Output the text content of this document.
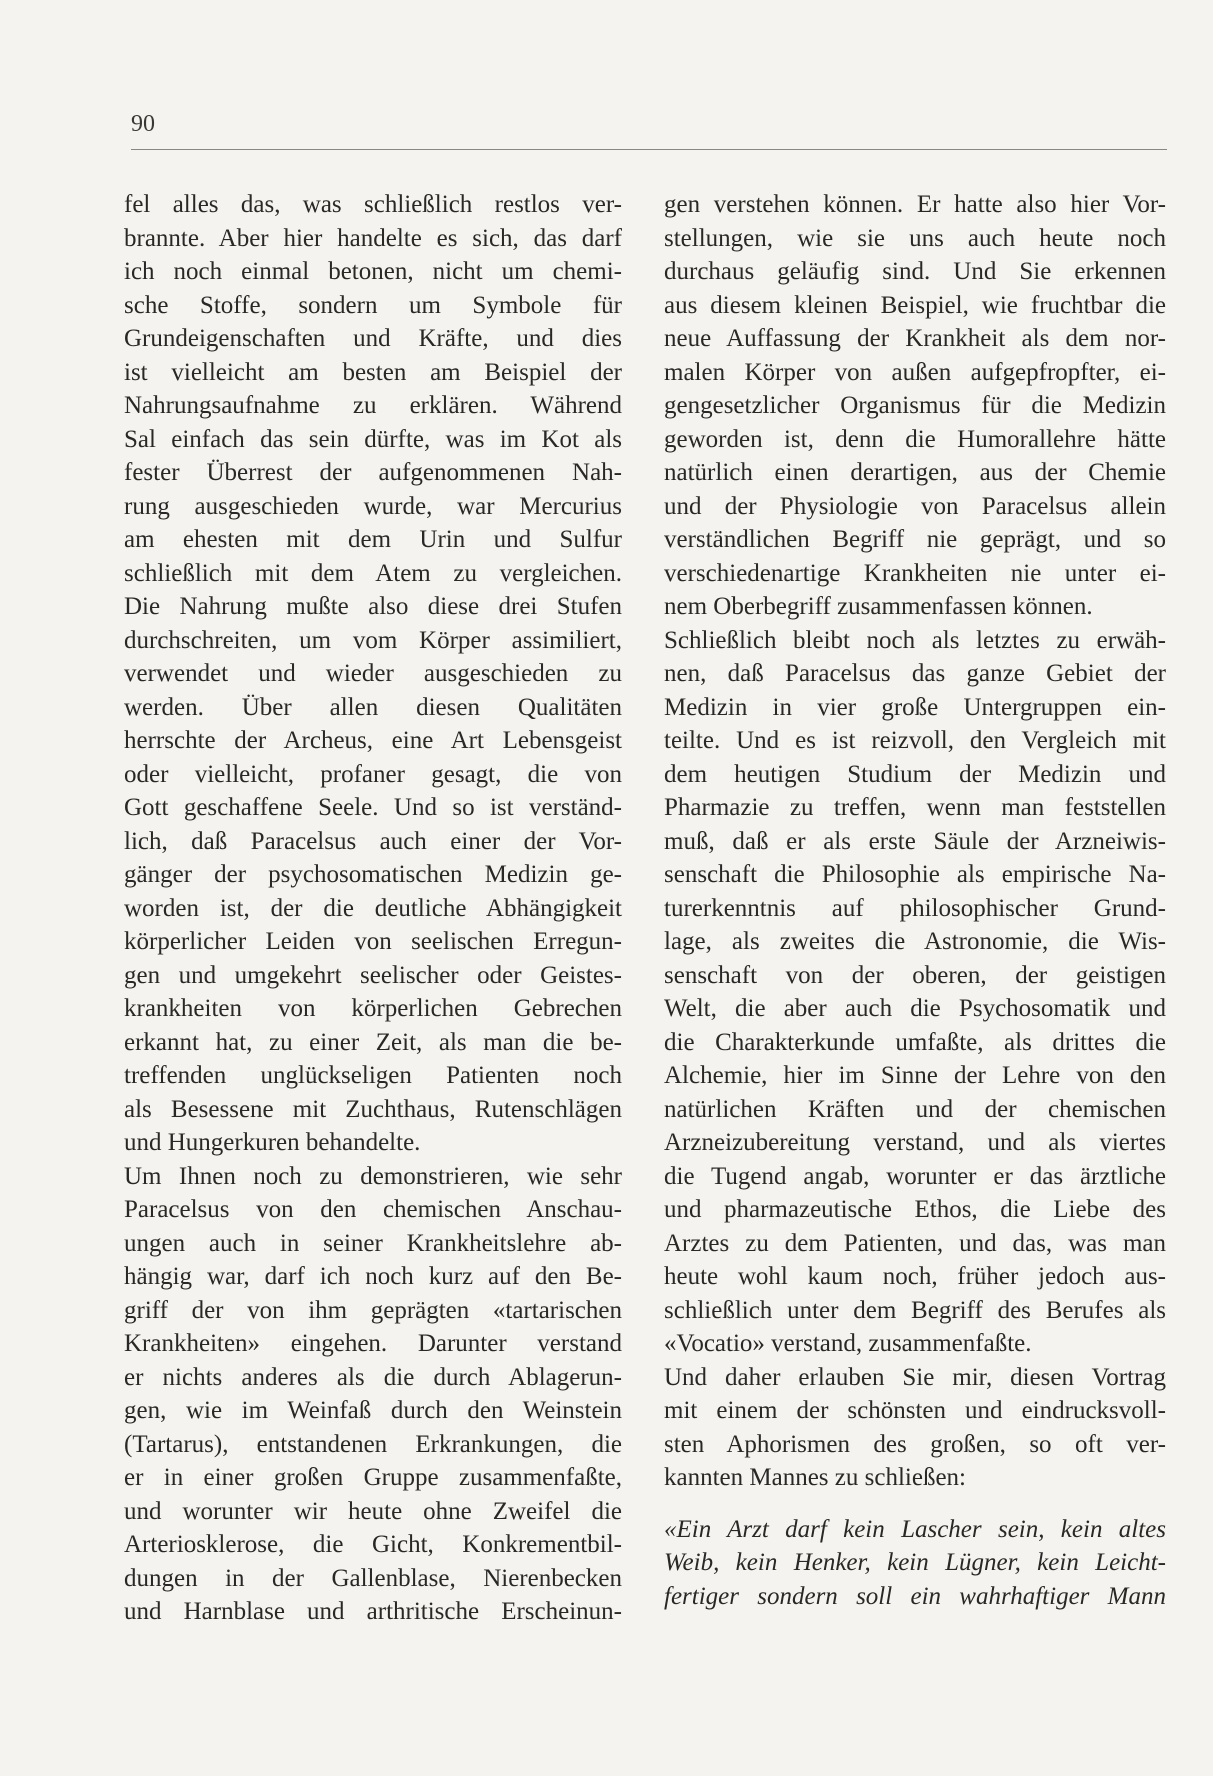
90
fel alles das, was schließlich restlos ver-
brannte. Aber hier handelte es sich, das darf
ich noch einmal betonen, nicht um chemi-
sche Stoffe, sondern um Symbole für
Grundeigenschaften und Kräfte, und dies
ist vielleicht am besten am Beispiel der
Nahrungsaufnahme zu erklären. Während
Sal einfach das sein dürfte, was im Kot als
fester Überrest der aufgenommenen Nah-
rung ausgeschieden wurde, war Mercurius
am ehesten mit dem Urin und Sulfur
schließlich mit dem Atem zu vergleichen.
Die Nahrung mußte also diese drei Stufen
durchschreiten, um vom Körper assimiliert,
verwendet und wieder ausgeschieden zu
werden. Über allen diesen Qualitäten
herrschte der Archeus, eine Art Lebensgeist
oder vielleicht, profaner gesagt, die von
Gott geschaffene Seele. Und so ist verständ-
lich, daß Paracelsus auch einer der Vor-
gänger der psychosomatischen Medizin ge-
worden ist, der die deutliche Abhängigkeit
körperlicher Leiden von seelischen Erregun-
gen und umgekehrt seelischer oder Geistes-
krankheiten von körperlichen Gebrechen
erkannt hat, zu einer Zeit, als man die be-
treffenden unglückseligen Patienten noch
als Besessene mit Zuchthaus, Rutenschlägen
und Hungerkuren behandelte.
Um Ihnen noch zu demonstrieren, wie sehr
Paracelsus von den chemischen Anschau-
ungen auch in seiner Krankheitslehre ab-
hängig war, darf ich noch kurz auf den Be-
griff der von ihm geprägten «tartarischen
Krankheiten» eingehen. Darunter verstand
er nichts anderes als die durch Ablagerun-
gen, wie im Weinfaß durch den Weinstein
(Tartarus), entstandenen Erkrankungen, die
er in einer großen Gruppe zusammenfaßte,
und worunter wir heute ohne Zweifel die
Arteriosklerose, die Gicht, Konkrementbil-
dungen in der Gallenblase, Nierenbecken
und Harnblase und arthritische Erscheinun-
gen verstehen können. Er hatte also hier Vor-
stellungen, wie sie uns auch heute noch
durchaus geläufig sind. Und Sie erkennen
aus diesem kleinen Beispiel, wie fruchtbar die
neue Auffassung der Krankheit als dem nor-
malen Körper von außen aufgepfropfter, ei-
gengesetzlicher Organismus für die Medizin
geworden ist, denn die Humorallehre hätte
natürlich einen derartigen, aus der Chemie
und der Physiologie von Paracelsus allein
verständlichen Begriff nie geprägt, und so
verschiedenartige Krankheiten nie unter ei-
nem Oberbegriff zusammenfassen können.
Schließlich bleibt noch als letztes zu erwäh-
nen, daß Paracelsus das ganze Gebiet der
Medizin in vier große Untergruppen ein-
teilte. Und es ist reizvoll, den Vergleich mit
dem heutigen Studium der Medizin und
Pharmazie zu treffen, wenn man feststellen
muß, daß er als erste Säule der Arzneiwis-
senschaft die Philosophie als empirische Na-
turerkenntnis auf philosophischer Grund-
lage, als zweites die Astronomie, die Wis-
senschaft von der oberen, der geistigen
Welt, die aber auch die Psychosomatik und
die Charakterkunde umfaßte, als drittes die
Alchemie, hier im Sinne der Lehre von den
natürlichen Kräften und der chemischen
Arzneizubereitung verstand, und als viertes
die Tugend angab, worunter er das ärztliche
und pharmazeutische Ethos, die Liebe des
Arztes zu dem Patienten, und das, was man
heute wohl kaum noch, früher jedoch aus-
schließlich unter dem Begriff des Berufes als
«Vocatio» verstand, zusammenfaßte.
Und daher erlauben Sie mir, diesen Vortrag
mit einem der schönsten und eindrucksvoll-
sten Aphorismen des großen, so oft ver-
kannten Mannes zu schließen:
«Ein Arzt darf kein Lascher sein, kein altes
Weib, kein Henker, kein Lügner, kein Leicht-
fertiger sondern soll ein wahrhaftiger Mann
